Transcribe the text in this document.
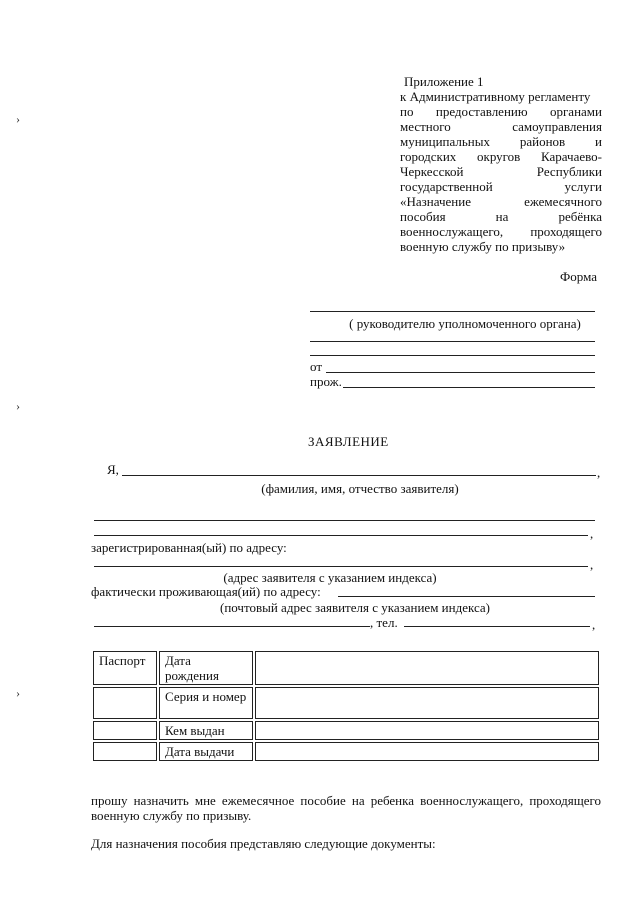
›
›
›
Приложение 1
к Административному регламенту
по предоставлению органами
местного самоуправления
муниципальных районов и
городских округов Карачаево-
Черкесской Республики
государственной услуги
«Назначение ежемесячного
пособия на ребёнка
военнослужащего, проходящего
военную службу по призыву»
Форма
( руководителю уполномоченного органа)
от
прож.
ЗАЯВЛЕНИЕ
Я,	,
(фамилия, имя, отчество заявителя)
,
зарегистрированная(ый) по адресу:
,
(адрес заявителя с указанием индекса)
фактически проживающая(ий) по адресу:
(почтовый адрес заявителя с указанием индекса)
, тел.	,
Паспорт	Дата рождения	
	Серия и номер	
	Кем выдан	
	Дата выдачи	
прошу назначить мне ежемесячное пособие на ребенка военнослужащего, проходящего военную службу по призыву.
Для назначения пособия представляю следующие документы:
